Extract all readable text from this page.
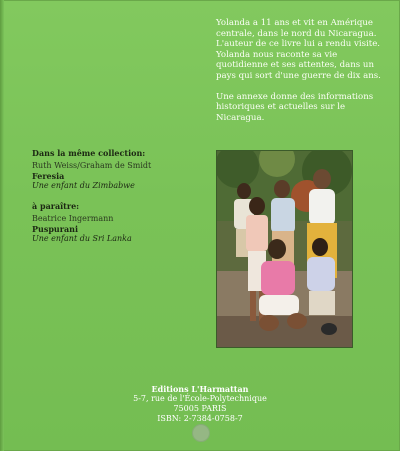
Yolanda a 11 ans et vit en Amérique centrale, dans le nord du Nicaragua. L'auteur de ce livre lui a rendu visite. Yolanda nous raconte sa vie quotidienne et ses attentes, dans un pays qui sort d'une guerre de dix ans.

Une annexe donne des informations historiques et actuelles sur le Nicaragua.

Dans la même collection:
Ruth Weiss/Graham de Smidt
Feresia
Une enfant du Zimbabwe
à paraître:
Beatrice Ingermann
Puspurani
Une enfant du Sri Lanka
Editions L'Harmattan
5-7, rue de l'École-Polytechnique
75005 PARIS
ISBN: 2-7384-0758-7
